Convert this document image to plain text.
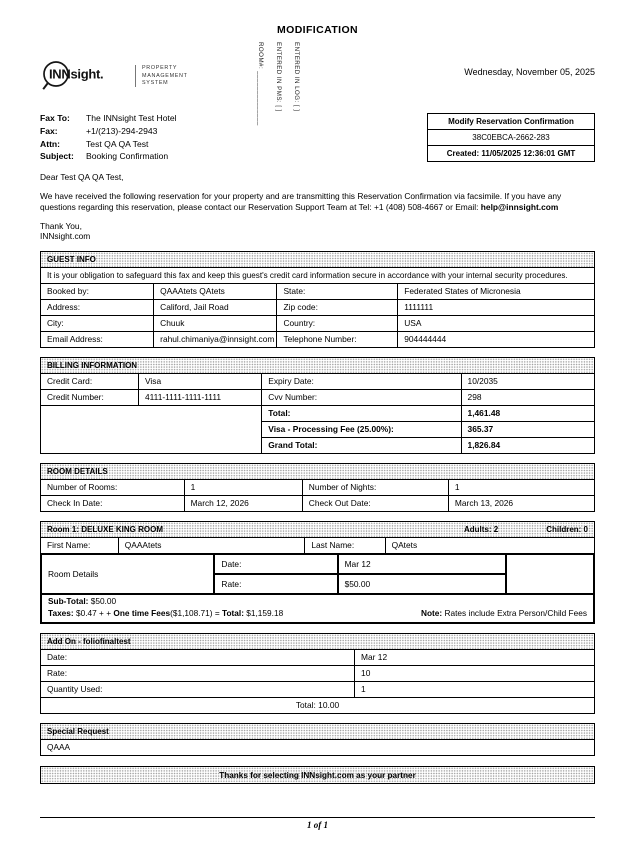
MODIFICATION
INNsight.	PROPERTY
MANAGEMENT
SYSTEM	ROOM#: ______________ ENTERED IN PMS: [ ] ENTERED IN LOG: [ ]	Wednesday, November 05, 2025
Fax To:	The INNsight Test Hotel
Fax:	+1/(213)-294-2943
Attn:	Test QA QA Test
Subject:	Booking Confirmation
Modify Reservation Confirmation
38C0EBCA-2662-283
Created: 11/05/2025 12:36:01 GMT

Dear Test QA QA Test,

We have received the following reservation for your property and are transmitting this Reservation Confirmation via facsimile. If you have any questions regarding this reservation, please contact our Reservation Support Team at Tel: +1 (408) 508-4667 or Email: help@innsight.com

Thank You,

INNsight.com

GUEST INFO
It is your obligation to safeguard this fax and keep this guest's credit card information secure in accordance with your internal security procedures.
Booked by:	QAAAtets QAtets	State:	Federated States of Micronesia
Address:	Califord, Jail Road	Zip code:	1111111
City:	Chuuk	Country:	USA
Email Address:	rahul.chimaniya@innsight.com	Telephone Number:	904444444
BILLING INFORMATION
Credit Card:	Visa	Expiry Date:	10/2035
Credit Number:	4111-1111-1111-1111	Cvv Number:	298
		Total:	1,461.48
		Visa - Processing Fee (25.00%):	365.37
		Grand Total:	1,826.84
ROOM DETAILS
Number of Rooms:	1	Number of Nights:	1
Check In Date:	March 12, 2026	Check Out Date:	March 13, 2026
Room 1: DELUXE KING ROOM	Adults: 2	Children: 0
First Name:	QAAAtets	Last Name:	QAtets
Room Details	Date:	Mar 12	
	Rate:	$50.00	
Sub-Total: $50.00
Taxes: $0.47 + + One time Fees($1,108.71) = Total: $1,159.18	Note: Rates include Extra Person/Child Fees
Add On - foliofinaltest
Date:	Mar 12
Rate:	10
Quantity Used:	1
Total: 10.00	
Special Request
QAAA
Thanks for selecting INNsight.com as your partner
1 of 1
